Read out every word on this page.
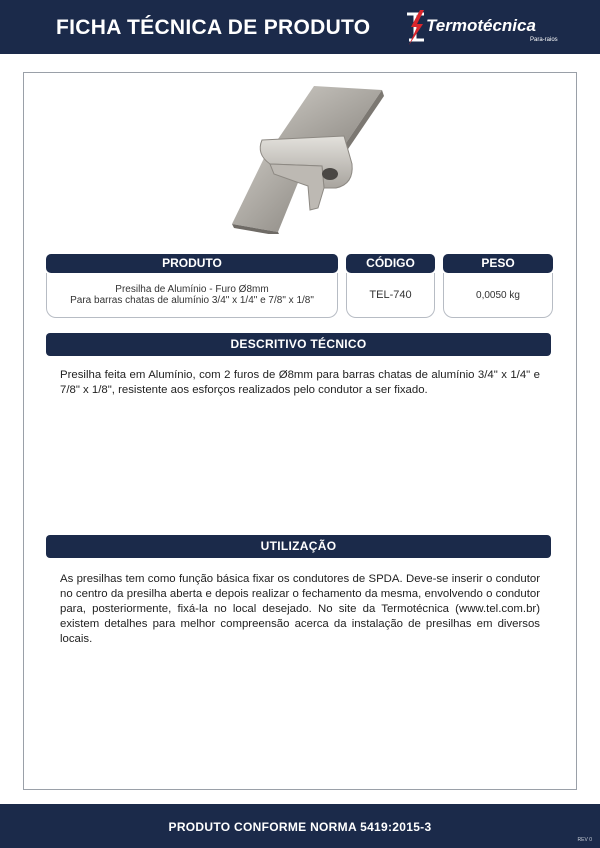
FICHA TÉCNICA DE PRODUTO	Termotécnica
Para-raios
PRODUTO	CÓDIGO	PESO
Presilha de Alumínio - Furo Ø8mm
Para barras chatas de alumínio 3/4" x 1/4" e 7/8" x 1/8"	TEL-740	0,0050 kg
DESCRITIVO TÉCNICO
Presilha feita em Alumínio, com 2 furos de Ø8mm para barras chatas de alumínio 3/4" x 1/4" e 7/8" x 1/8", resistente aos esforços realizados pelo condutor a ser fixado.
UTILIZAÇÃO
As presilhas tem como função básica fixar os condutores de SPDA. Deve-se inserir o condutor no centro da presilha aberta e depois realizar o fechamento da mesma, envolvendo o condutor para, posteriormente, fixá-la no local desejado. No site da Termotécnica (www.tel.com.br) existem detalhes para melhor compreensão acerca da instalação de presilhas em diversos locais.
PRODUTO CONFORME NORMA 5419:2015-3
REV 0
